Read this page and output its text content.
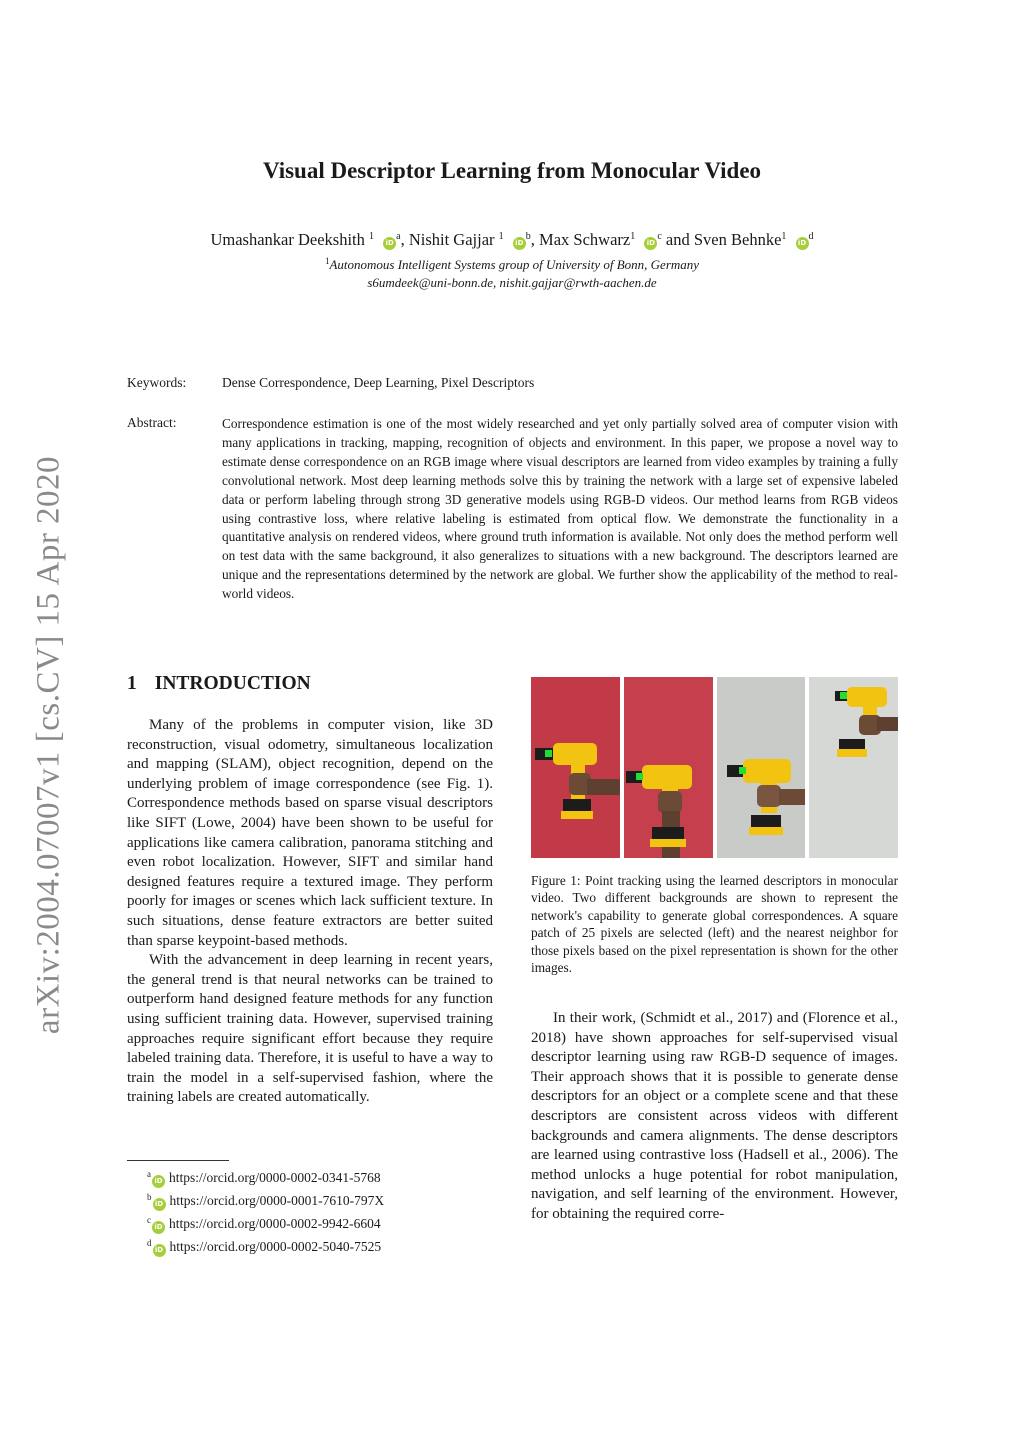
arXiv:2004.07007v1 [cs.CV] 15 Apr 2020
Visual Descriptor Learning from Monocular Video
Umashankar Deekshith $^1$ $iD^a$, Nishit Gajjar $^1$ $iD^b$, Max Schwarz$^1$ $iD^c$ and Sven Behnke$^1$ $iD^d$
$^1$Autonomous Intelligent Systems group of University of Bonn, Germany
s6umdeek@uni-bonn.de, nishit.gajjar@rwth-aachen.de
Keywords:	Dense Correspondence, Deep Learning, Pixel Descriptors
Abstract:	Correspondence estimation is one of the most widely researched and yet only partially solved area of computer vision with many applications in tracking, mapping, recognition of objects and environment. In this paper, we propose a novel way to estimate dense correspondence on an RGB image where visual descriptors are learned from video examples by training a fully convolutional network. Most deep learning methods solve this by training the network with a large set of expensive labeled data or perform labeling through strong 3D generative models using RGB-D videos. Our method learns from RGB videos using contrastive loss, where relative labeling is estimated from optical flow. We demonstrate the functionality in a quantitative analysis on rendered videos, where ground truth information is available. Not only does the method perform well on test data with the same background, it also generalizes to situations with a new background. The descriptors learned are unique and the representations determined by the network are global. We further show the applicability of the method to real-world videos.
1 INTRODUCTION

Many of the problems in computer vision, like 3D reconstruction, visual odometry, simultaneous localization and mapping (SLAM), object recognition, depend on the underlying problem of image correspondence (see Fig. 1). Correspondence methods based on sparse visual descriptors like SIFT (Lowe, 2004) have been shown to be useful for applications like camera calibration, panorama stitching and even robot localization. However, SIFT and similar hand designed features require a textured image. They perform poorly for images or scenes which lack sufficient texture. In such situations, dense feature extractors are better suited than sparse keypoint-based methods.

With the advancement in deep learning in recent years, the general trend is that neural networks can be trained to outperform hand designed feature methods for any function using sufficient training data. However, supervised training approaches require significant effort because they require labeled training data. Therefore, it is useful to have a way to train the model in a self-supervised fashion, where the training labels are created automatically.

$^a$iD https://orcid.org/0000-0002-0341-5768
$^b$iD https://orcid.org/0000-0001-7610-797X
$^c$iD https://orcid.org/0000-0002-9942-6604
$^d$iD https://orcid.org/0000-0002-5040-7525
Figure 1: Point tracking using the learned descriptors in monocular video. Two different backgrounds are shown to represent the network's capability to generate global correspondences. A square patch of 25 pixels are selected (left) and the nearest neighbor for those pixels based on the pixel representation is shown for the other images.

In their work, (Schmidt et al., 2017) and (Florence et al., 2018) have shown approaches for self-supervised visual descriptor learning using raw RGB-D sequence of images. Their approach shows that it is possible to generate dense descriptors for an object or a complete scene and that these descriptors are consistent across videos with different backgrounds and camera alignments. The dense descriptors are learned using contrastive loss (Hadsell et al., 2006). The method unlocks a huge potential for robot manipulation, navigation, and self learning of the environment. However, for obtaining the required corre-
